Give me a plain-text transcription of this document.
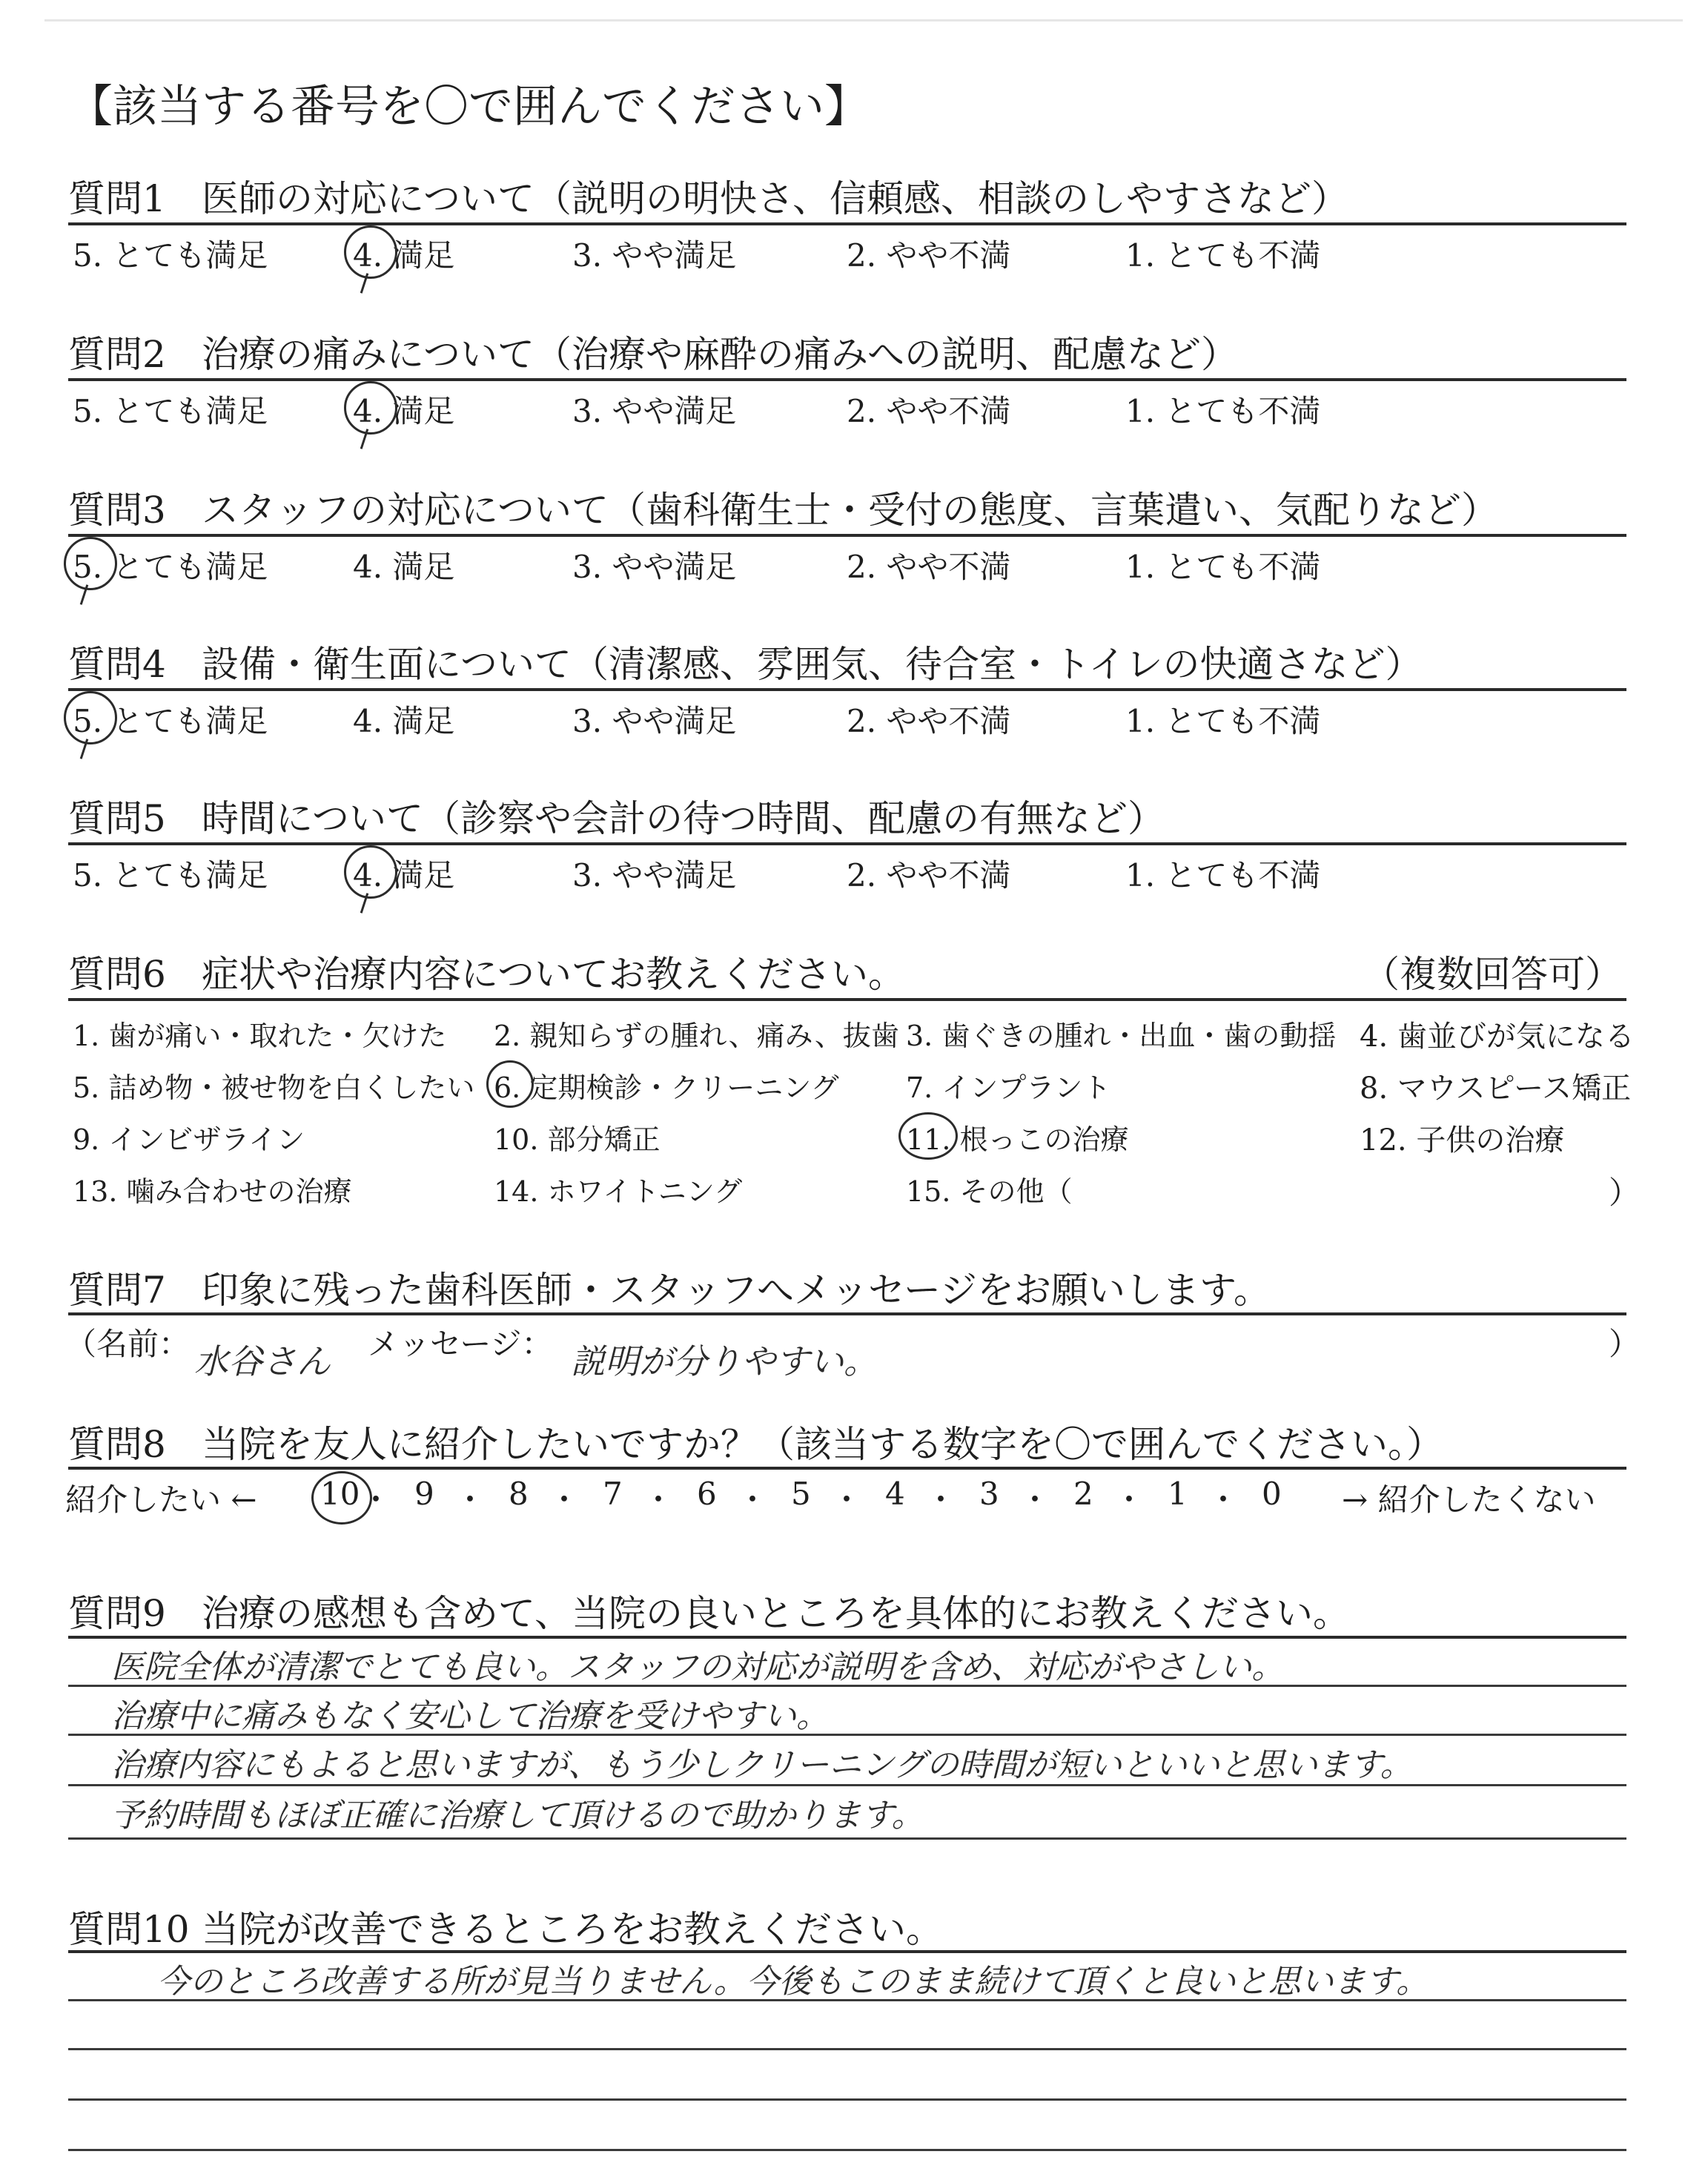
【該当する番号を〇で囲んでください】
質問1 医師の対応について（説明の明快さ、信頼感、相談のしやすさなど）
5. とても満足	4. 満足	3. やや満足	2. やや不満	1. とても不満
質問2 治療の痛みについて（治療や麻酔の痛みへの説明、配慮など）
5. とても満足	4. 満足	3. やや満足	2. やや不満	1. とても不満
質問3 スタッフの対応について（歯科衛生士・受付の態度、言葉遣い、気配りなど）
5. とても満足	4. 満足	3. やや満足	2. やや不満	1. とても不満
質問4 設備・衛生面について（清潔感、雰囲気、待合室・トイレの快適さなど）
5. とても満足	4. 満足	3. やや満足	2. やや不満	1. とても不満
質問5 時間について（診察や会計の待つ時間、配慮の有無など）
5. とても満足	4. 満足	3. やや満足	2. やや不満	1. とても不満
質問6 症状や治療内容についてお教えください。	（複数回答可）
1. 歯が痛い・取れた・欠けた 2. 親知らずの腫れ、痛み、抜歯 3. 歯ぐきの腫れ・出血・歯の動揺 4. 歯並びが気になる
5. 詰め物・被せ物を白くしたい 6. 定期検診・クリーニング 7. インプラント	8. マウスピース矯正
9. インビザライン	10. 部分矯正	11. 根っこの治療	12. 子供の治療
13. 噛み合わせの治療	14. ホワイトニング	15. その他（	）
質問7 印象に残った歯科医師・スタッフへメッセージをお願いします。
（名前： 水谷さん メッセージ： 説明が分りやすい。	）
質問8 当院を友人に紹介したいですか？（該当する数字を〇で囲んでください。）
紹介したい ←	→ 紹介したくない
10 ・ 9 ・ 8 ・ 7 ・ 6 ・ 5 ・ 4 ・ 3 ・ 2 ・ 1 ・ 0
質問9 治療の感想も含めて、当院の良いところを具体的にお教えください。
医院全体が清潔でとても良い。スタッフの対応が説明を含め、対応がやさしい。
治療中に痛みもなく安心して治療を受けやすい。
治療内容にもよると思いますが、もう少しクリーニングの時間が短いといいと思います。
予約時間もほぼ正確に治療して頂けるので助かります。
質問10 当院が改善できるところをお教えください。
今のところ改善する所が見当りません。今後もこのまま続けて頂くと良いと思います。
